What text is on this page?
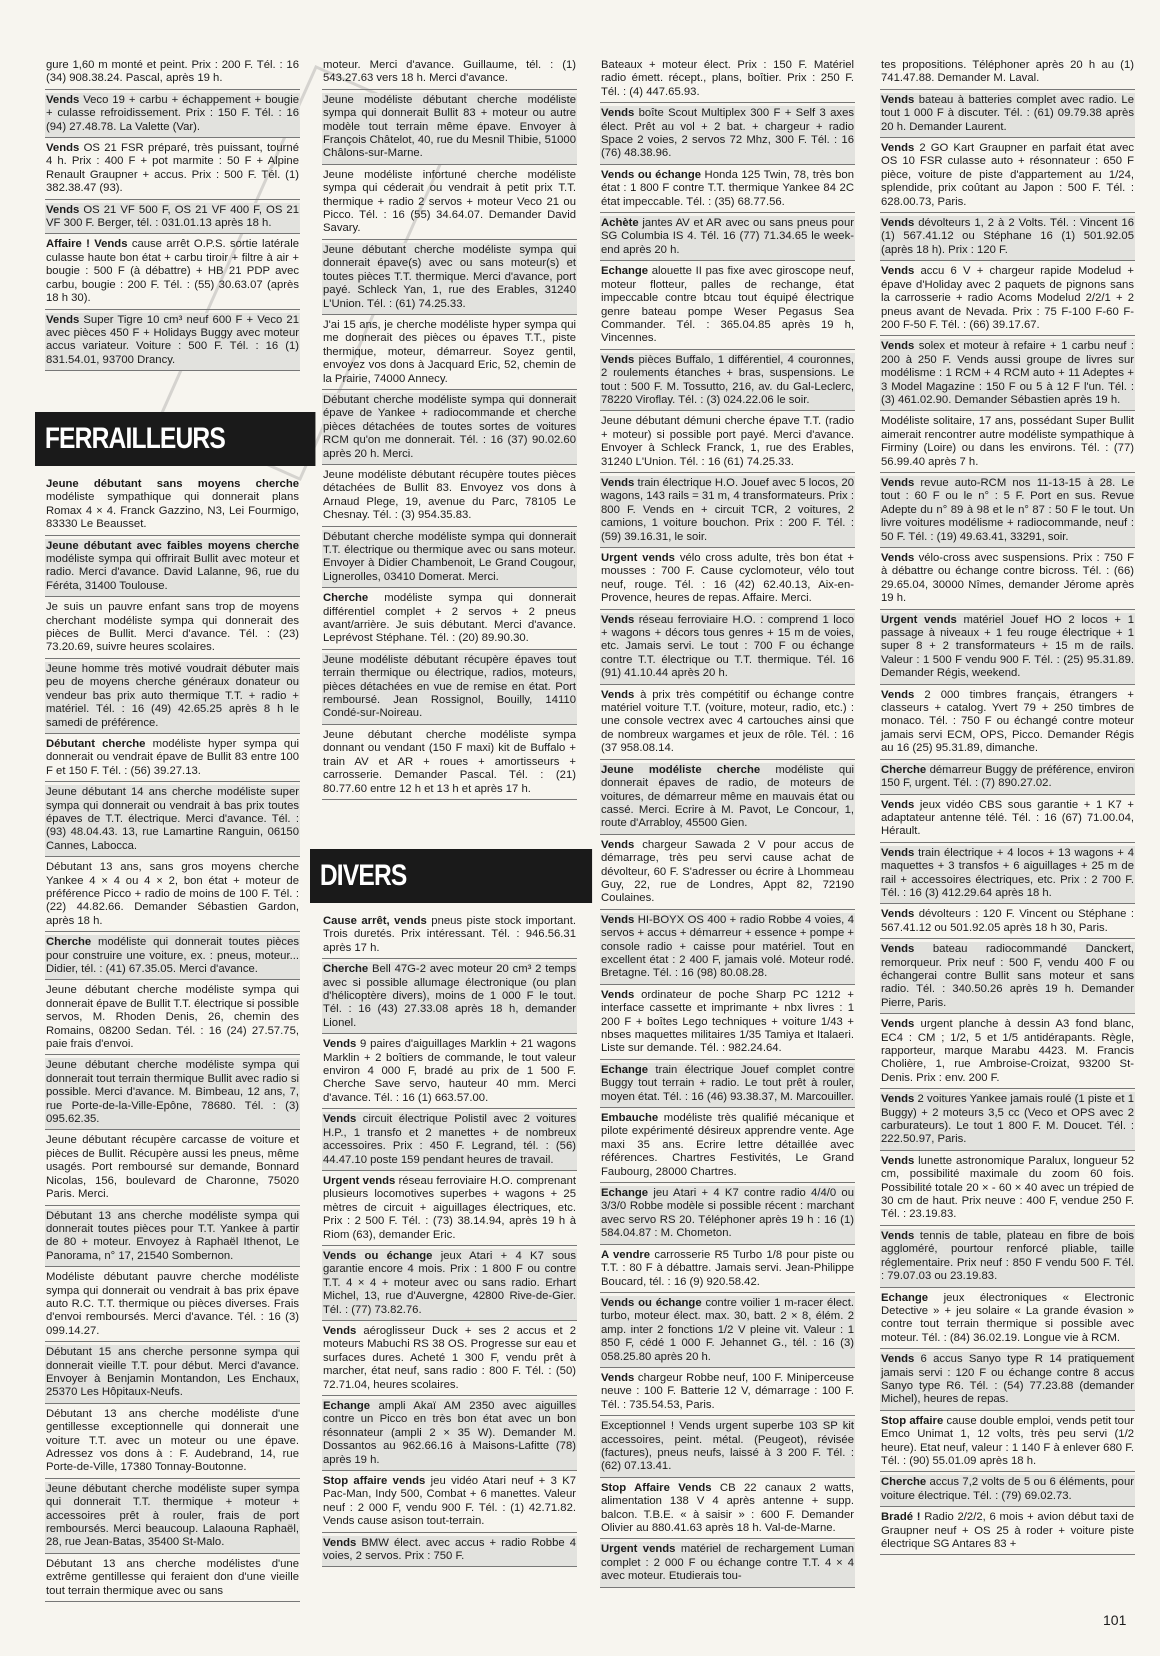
gure 1,60 m monté et peint. Prix : 200 F. Tél. : 16 (34) 908.38.24. Pascal, après 19 h.
Vends Veco 19 + carbu + échappement + bougie + culasse refroidissement. Prix : 150 F. Tél. : 16 (94) 27.48.78. La Valette (Var).
Vends OS 21 FSR préparé, très puissant, tourné 4 h. Prix : 400 F + pot marmite : 50 F + Alpine Renault Graupner + accus. Prix : 500 F. Tél. (1) 382.38.47 (93).
Vends OS 21 VF 500 F, OS 21 VF 400 F, OS 21 VF 300 F. Berger, tél. : 031.01.13 après 18 h.
Affaire ! Vends cause arrêt O.P.S. sortie latérale culasse haute bon état + carbu tiroir + filtre à air + bougie : 500 F (à débattre) + HB 21 PDP avec carbu, bougie : 200 F. Tél. : (55) 30.63.07 (après 18 h 30).
Vends Super Tigre 10 cm³ neuf 600 F + Veco 21 avec pièces 450 F + Holidays Buggy avec moteur accus variateur. Voiture : 500 F. Tél. : 16 (1) 831.54.01, 93700 Drancy.
FERRAILLEURS
Jeune débutant sans moyens cherche modéliste sympathique qui donnerait plans Romax 4 × 4. Franck Gazzino, N3, Lei Fourmigo, 83330 Le Beausset.
Jeune débutant avec faibles moyens cherche modéliste sympa qui offrirait Bullit avec moteur et radio. Merci d'avance. David Lalanne, 96, rue du Féréta, 31400 Toulouse.
Je suis un pauvre enfant sans trop de moyens cherchant modéliste sympa qui donnerait des pièces de Bullit. Merci d'avance. Tél. : (23) 73.20.69, suivre heures scolaires.
Jeune homme très motivé voudrait débuter mais peu de moyens cherche généraux donateur ou vendeur bas prix auto thermique T.T. + radio + matériel. Tél. : 16 (49) 42.65.25 après 8 h le samedi de préférence.
Débutant cherche modéliste hyper sympa qui donnerait ou vendrait épave de Bullit 83 entre 100 F et 150 F. Tél. : (56) 39.27.13.
Jeune débutant 14 ans cherche modéliste super sympa qui donnerait ou vendrait à bas prix toutes épaves de T.T. électrique. Merci d'avance. Tél. : (93) 48.04.43. 13, rue Lamartine Ranguin, 06150 Cannes, Labocca.
Débutant 13 ans, sans gros moyens cherche Yankee 4 × 4 ou 4 × 2, bon état + moteur de préférence Picco + radio de moins de 100 F. Tél. : (22) 44.82.66. Demander Sébastien Gardon, après 18 h.
Cherche modéliste qui donnerait toutes pièces pour construire une voiture, ex. : pneus, moteur... Didier, tél. : (41) 67.35.05. Merci d'avance.
Jeune débutant cherche modéliste sympa qui donnerait épave de Bullit T.T. électrique si possible servos, M. Rhoden Denis, 26, chemin des Romains, 08200 Sedan. Tél. : 16 (24) 27.57.75, paie frais d'envoi.
Jeune débutant cherche modéliste sympa qui donnerait tout terrain thermique Bullit avec radio si possible. Merci d'avance. M. Bimbeau, 12 ans, 7, rue Porte-de-la-Ville-Epône, 78680. Tél. : (3) 095.62.35.
Jeune débutant récupère carcasse de voiture et pièces de Bullit. Récupère aussi les pneus, même usagés. Port remboursé sur demande, Bonnard Nicolas, 156, boulevard de Charonne, 75020 Paris. Merci.
Débutant 13 ans cherche modéliste sympa qui donnerait toutes pièces pour T.T. Yankee à partir de 80 + moteur. Envoyez à Raphaël Ithenot, Le Panorama, n° 17, 21540 Sombernon.
Modéliste débutant pauvre cherche modéliste sympa qui donnerait ou vendrait à bas prix épave auto R.C. T.T. thermique ou pièces diverses. Frais d'envoi remboursés. Merci d'avance. Tél. : 16 (3) 099.14.27.
Débutant 15 ans cherche personne sympa qui donnerait vieille T.T. pour début. Merci d'avance. Envoyer à Benjamin Montandon, Les Enchaux, 25370 Les Hôpitaux-Neufs.
Débutant 13 ans cherche modéliste d'une gentillesse exceptionnelle qui donnerait une voiture T.T. avec un moteur ou une épave. Adressez vos dons à : F. Audebrand, 14, rue Porte-de-Ville, 17380 Tonnay-Boutonne.
Jeune débutant cherche modéliste super sympa qui donnerait T.T. thermique + moteur + accessoires prêt à rouler, frais de port remboursés. Merci beaucoup. Lalaouna Raphaël, 28, rue Jean-Batas, 35400 St-Malo.
Débutant 13 ans cherche modélistes d'une extrême gentillesse qui feraient don d'une vieille tout terrain thermique avec ou sans
moteur. Merci d'avance. Guillaume, tél. : (1) 543.27.63 vers 18 h. Merci d'avance.
Jeune modéliste débutant cherche modéliste sympa qui donnerait Bullit 83 + moteur ou autre modèle tout terrain même épave. Envoyer à François Châtelot, 40, rue du Mesnil Thibie, 51000 Châlons-sur-Marne.
Jeune modéliste infortuné cherche modéliste sympa qui céderait ou vendrait à petit prix T.T. thermique + radio 2 servos + moteur Veco 21 ou Picco. Tél. : 16 (55) 34.64.07. Demander David Savary.
Jeune débutant cherche modéliste sympa qui donnerait épave(s) avec ou sans moteur(s) et toutes pièces T.T. thermique. Merci d'avance, port payé. Schleck Yan, 1, rue des Erables, 31240 L'Union. Tél. : (61) 74.25.33.
J'ai 15 ans, je cherche modéliste hyper sympa qui me donnerait des pièces ou épaves T.T., piste thermique, moteur, démarreur. Soyez gentil, envoyez vos dons à Jacquard Eric, 52, chemin de la Prairie, 74000 Annecy.
Débutant cherche modéliste sympa qui donnerait épave de Yankee + radiocommande et cherche pièces détachées de toutes sortes de voitures RCM qu'on me donnerait. Tél. : 16 (37) 90.02.60 après 20 h. Merci.
Jeune modéliste débutant récupère toutes pièces détachées de Bullit 83. Envoyez vos dons à Arnaud Plege, 19, avenue du Parc, 78105 Le Chesnay. Tél. : (3) 954.35.83.
Débutant cherche modéliste sympa qui donnerait T.T. électrique ou thermique avec ou sans moteur. Envoyer à Didier Chambenoit, Le Grand Cougour, Lignerolles, 03410 Domerat. Merci.
Cherche modéliste sympa qui donnerait différentiel complet + 2 servos + 2 pneus avant/arrière. Je suis débutant. Merci d'avance. Leprévost Stéphane. Tél. : (20) 89.90.30.
Jeune modéliste débutant récupère épaves tout terrain thermique ou électrique, radios, moteurs, pièces détachées en vue de remise en état. Port remboursé. Jean Rossignol, Bouilly, 14110 Condé-sur-Noireau.
Jeune débutant cherche modéliste sympa donnant ou vendant (150 F maxi) kit de Buffalo + train AV et AR + roues + amortisseurs + carrosserie. Demander Pascal. Tél. : (21) 80.77.60 entre 12 h et 13 h et après 17 h.
DIVERS
Cause arrêt, vends pneus piste stock important. Trois duretés. Prix intéressant. Tél. : 946.56.31 après 17 h.
Cherche Bell 47G-2 avec moteur 20 cm³ 2 temps avec si possible allumage électronique (ou plan d'hélicoptère divers), moins de 1 000 F le tout. Tél. : 16 (43) 27.33.08 après 18 h, demander Lionel.
Vends 9 paires d'aiguillages Marklin + 21 wagons Marklin + 2 boîtiers de commande, le tout valeur environ 4 000 F, bradé au prix de 1 500 F. Cherche Save servo, hauteur 40 mm. Merci d'avance. Tél. : 16 (1) 663.57.00.
Vends circuit électrique Polistil avec 2 voitures H.P., 1 transfo et 2 manettes + de nombreux accessoires. Prix : 450 F. Legrand, tél. : (56) 44.47.10 poste 159 pendant heures de travail.
Urgent vends réseau ferroviaire H.O. comprenant plusieurs locomotives superbes + wagons + 25 mètres de circuit + aiguillages électriques, etc. Prix : 2 500 F. Tél. : (73) 38.14.94, après 19 h à Riom (63), demander Eric.
Vends ou échange jeux Atari + 4 K7 sous garantie encore 4 mois. Prix : 1 800 F ou contre T.T. 4 × 4 + moteur avec ou sans radio. Erhart Michel, 13, rue d'Auvergne, 42800 Rive-de-Gier. Tél. : (77) 73.82.76.
Vends aéroglisseur Duck + ses 2 accus et 2 moteurs Mabuchi RS 38 OS. Progresse sur eau et surfaces dures. Acheté 1 300 F, vendu prêt à marcher, état neuf, sans radio : 800 F. Tél. : (50) 72.71.04, heures scolaires.
Echange ampli Akaï AM 2350 avec aiguilles contre un Picco en très bon état avec un bon résonnateur (ampli 2 × 35 W). Demander M. Dossantos au 962.66.16 à Maisons-Lafitte (78) après 19 h.
Stop affaire vends jeu vidéo Atari neuf + 3 K7 Pac-Man, Indy 500, Combat + 6 manettes. Valeur neuf : 2 000 F, vendu 900 F. Tél. : (1) 42.71.82. Vends cause asison tout-terrain.
Vends BMW élect. avec accus + radio Robbe 4 voies, 2 servos. Prix : 750 F.
Bateaux + moteur élect. Prix : 150 F. Matériel radio émett. récept., plans, boîtier. Prix : 250 F. Tél. : (4) 447.65.93.
Vends boîte Scout Multiplex 300 F + Self 3 axes élect. Prêt au vol + 2 bat. + chargeur + radio Space 2 voies, 2 servos 72 Mhz, 300 F. Tél. : 16 (76) 48.38.96.
Vends ou échange Honda 125 Twin, 78, très bon état : 1 800 F contre T.T. thermique Yankee 84 2C état impeccable. Tél. : (35) 68.77.56.
Achète jantes AV et AR avec ou sans pneus pour SG Columbia IS 4. Tél. 16 (77) 71.34.65 le week-end après 20 h.
Echange alouette II pas fixe avec giroscope neuf, moteur flotteur, palles de rechange, état impeccable contre btcau tout équipé électrique genre bateau pompe Weser Pegasus Sea Commander. Tél. : 365.04.85 après 19 h, Vincennes.
Vends pièces Buffalo, 1 différentiel, 4 couronnes, 2 roulements étanches + bras, suspensions. Le tout : 500 F. M. Tossutto, 216, av. du Gal-Leclerc, 78220 Viroflay. Tél. : (3) 024.22.06 le soir.
Jeune débutant démuni cherche épave T.T. (radio + moteur) si possible port payé. Merci d'avance. Envoyer à Schleck Franck, 1, rue des Erables, 31240 L'Union. Tél. : 16 (61) 74.25.33.
Vends train électrique H.O. Jouef avec 5 locos, 20 wagons, 143 rails = 31 m, 4 transformateurs. Prix : 800 F. Vends en + circuit TCR, 2 voitures, 2 camions, 1 voiture bouchon. Prix : 200 F. Tél. : (59) 39.16.31, le soir.
Urgent vends vélo cross adulte, très bon état + mousses : 700 F. Cause cyclomoteur, vélo tout neuf, rouge. Tél. : 16 (42) 62.40.13, Aix-en-Provence, heures de repas. Affaire. Merci.
Vends réseau ferroviaire H.O. : comprend 1 loco + wagons + décors tous genres + 15 m de voies, etc. Jamais servi. Le tout : 700 F ou échange contre T.T. électrique ou T.T. thermique. Tél. 16 (91) 41.10.44 après 20 h.
Vends à prix très compétitif ou échange contre matériel voiture T.T. (voiture, moteur, radio, etc.) : une console vectrex avec 4 cartouches ainsi que de nombreux wargames et jeux de rôle. Tél. : 16 (37 958.08.14.
Jeune modéliste cherche modéliste qui donnerait épaves de radio, de moteurs de voitures, de démarreur même en mauvais état ou cassé. Merci. Ecrire à M. Pavot, Le Concour, 1, route d'Arrabloy, 45500 Gien.
Vends chargeur Sawada 2 V pour accus de démarrage, très peu servi cause achat de dévolteur, 60 F. S'adresser ou écrire à Lhommeau Guy, 22, rue de Londres, Appt 82, 72190 Coulaines.
Vends HI-BOYX OS 400 + radio Robbe 4 voies, 4 servos + accus + démarreur + essence + pompe + console radio + caisse pour matériel. Tout en excellent état : 2 400 F, jamais volé. Moteur rodé. Bretagne. Tél. : 16 (98) 80.08.28.
Vends ordinateur de poche Sharp PC 1212 + interface cassette et imprimante + nbx livres : 1 200 F + boîtes Lego techniques + voiture 1/43 + nbses maquettes militaires 1/35 Tamiya et Italaeri. Liste sur demande. Tél. : 982.24.64.
Echange train électrique Jouef complet contre Buggy tout terrain + radio. Le tout prêt à rouler, moyen état. Tél. : 16 (46) 93.38.37, M. Marcouiller.
Embauche modéliste très qualifié mécanique et pilote expérimenté désireux apprendre vente. Age maxi 35 ans. Ecrire lettre détaillée avec références. Chartres Festivités, Le Grand Faubourg, 28000 Chartres.
Echange jeu Atari + 4 K7 contre radio 4/4/0 ou 3/3/0 Robbe modèle si possible récent : marchant avec servo RS 20. Téléphoner après 19 h : 16 (1) 584.04.87 : M. Chometon.
A vendre carrosserie R5 Turbo 1/8 pour piste ou T.T. : 80 F à débattre. Jamais servi. Jean-Philippe Boucard, tél. : 16 (9) 920.58.42.
Vends ou échange contre voilier 1 m-racer élect. turbo, moteur élect. max. 30, batt. 2 × 8, élém. 2 amp. inter 2 fonctions 1/2 V pleine vit. Valeur : 1 850 F, cédé 1 000 F. Jehannet G., tél. : 16 (3) 058.25.80 après 20 h.
Vends chargeur Robbe neuf, 100 F. Miniperceuse neuve : 100 F. Batterie 12 V, démarrage : 100 F. Tél. : 735.54.53, Paris.
Exceptionnel ! Vends urgent superbe 103 SP kit accessoires, peint. métal. (Peugeot), révisée (factures), pneus neufs, laissé à 3 200 F. Tél. : (62) 07.13.41.
Stop Affaire Vends CB 22 canaux 2 watts, alimentation 138 V 4 après antenne + supp. balcon. T.B.E. « à saisir » : 600 F. Demander Olivier au 880.41.63 après 18 h. Val-de-Marne.
Urgent vends matériel de rechargement Luman complet : 2 000 F ou échange contre T.T. 4 × 4 avec moteur. Etudierais tou-
tes propositions. Téléphoner après 20 h au (1) 741.47.88. Demander M. Laval.
Vends bateau à batteries complet avec radio. Le tout 1 000 F à discuter. Tél. : (61) 09.79.38 après 20 h. Demander Laurent.
Vends 2 GO Kart Graupner en parfait état avec OS 10 FSR culasse auto + résonnateur : 650 F pièce, voiture de piste d'appartement au 1/24, splendide, prix coûtant au Japon : 500 F. Tél. : 628.00.73, Paris.
Vends dévolteurs 1, 2 à 2 Volts. Tél. : Vincent 16 (1) 567.41.12 ou Stéphane 16 (1) 501.92.05 (après 18 h). Prix : 120 F.
Vends accu 6 V + chargeur rapide Modelud + épave d'Holiday avec 2 paquets de pignons sans la carrosserie + radio Acoms Modelud 2/2/1 + 2 pneus avant de Nevada. Prix : 75 F-100 F-60 F-200 F-50 F. Tél. : (66) 39.17.67.
Vends solex et moteur à refaire + 1 carbu neuf : 200 à 250 F. Vends aussi groupe de livres sur modélisme : 1 RCM + 4 RCM auto + 11 Adeptes + 3 Model Magazine : 150 F ou 5 à 12 F l'un. Tél. : (3) 461.02.90. Demander Sébastien après 19 h.
Modéliste solitaire, 17 ans, possédant Super Bullit aimerait rencontrer autre modéliste sympathique à Firminy (Loire) ou dans les environs. Tél. : (77) 56.99.40 après 7 h.
Vends revue auto-RCM nos 11-13-15 à 28. Le tout : 60 F ou le n° : 5 F. Port en sus. Revue Adepte du n° 89 à 98 et le n° 87 : 50 F le tout. Un livre voitures modélisme + radiocommande, neuf : 50 F. Tél. : (19) 49.63.41, 33291, soir.
Vends vélo-cross avec suspensions. Prix : 750 F à débattre ou échange contre bicross. Tél. : (66) 29.65.04, 30000 Nîmes, demander Jérome après 19 h.
Urgent vends matériel Jouef HO 2 locos + 1 passage à niveaux + 1 feu rouge électrique + 1 super 8 + 2 transformateurs + 15 m de rails. Valeur : 1 500 F vendu 900 F. Tél. : (25) 95.31.89. Demander Régis, weekend.
Vends 2 000 timbres français, étrangers + classeurs + catalog. Yvert 79 + 250 timbres de monaco. Tél. : 750 F ou échangé contre moteur jamais servi ECM, OPS, Picco. Demander Régis au 16 (25) 95.31.89, dimanche.
Cherche démarreur Buggy de préférence, environ 150 F, urgent. Tél. : (7) 890.27.02.
Vends jeux vidéo CBS sous garantie + 1 K7 + adaptateur antenne télé. Tél. : 16 (67) 71.00.04, Hérault.
Vends train électrique + 4 locos + 13 wagons + 4 maquettes + 3 transfos + 6 aiguillages + 25 m de rail + accessoires électriques, etc. Prix : 2 700 F. Tél. : 16 (3) 412.29.64 après 18 h.
Vends dévolteurs : 120 F. Vincent ou Stéphane : 567.41.12 ou 501.92.05 après 18 h 30, Paris.
Vends bateau radiocommandé Danckert, remorqueur. Prix neuf : 500 F, vendu 400 F ou échangerai contre Bullit sans moteur et sans radio. Tél. : 340.50.26 après 19 h. Demander Pierre, Paris.
Vends urgent planche à dessin A3 fond blanc, EC4 : CM ; 1/2, 5 et 1/5 antidérapants. Règle, rapporteur, marque Marabu 4423. M. Francis Cholière, 1, rue Ambroise-Croizat, 93200 St-Denis. Prix : env. 200 F.
Vends 2 voitures Yankee jamais roulé (1 piste et 1 Buggy) + 2 moteurs 3,5 cc (Veco et OPS avec 2 carburateurs). Le tout 1 800 F. M. Doucet. Tél. : 222.50.97, Paris.
Vends lunette astronomique Paralux, longueur 52 cm, possibilité maximale du zoom 60 fois. Possibilité totale 20 × - 60 × 40 avec un trépied de 30 cm de haut. Prix neuve : 400 F, vendue 250 F. Tél. : 23.19.83.
Vends tennis de table, plateau en fibre de bois aggloméré, pourtour renforcé pliable, taille réglementaire. Prix neuf : 850 F vendu 500 F. Tél. : 79.07.03 ou 23.19.83.
Echange jeux électroniques « Electronic Detective » + jeu solaire « La grande évasion » contre tout terrain thermique si possible avec moteur. Tél. : (84) 36.02.19. Longue vie à RCM.
Vends 6 accus Sanyo type R 14 pratiquement jamais servi : 120 F ou échange contre 8 accus Sanyo type R6. Tél. : (54) 77.23.88 (demander Michel), heures de repas.
Stop affaire cause double emploi, vends petit tour Emco Unimat 1, 12 volts, très peu servi (1/2 heure). Etat neuf, valeur : 1 140 F à enlever 680 F. Tél. : (90) 55.01.09 après 18 h.
Cherche accus 7,2 volts de 5 ou 6 éléments, pour voiture électrique. Tél. : (79) 69.02.73.
Bradé ! Radio 2/2/2, 6 mois + avion début taxi de Graupner neuf + OS 25 à roder + voiture piste électrique SG Antares 83 +
101
